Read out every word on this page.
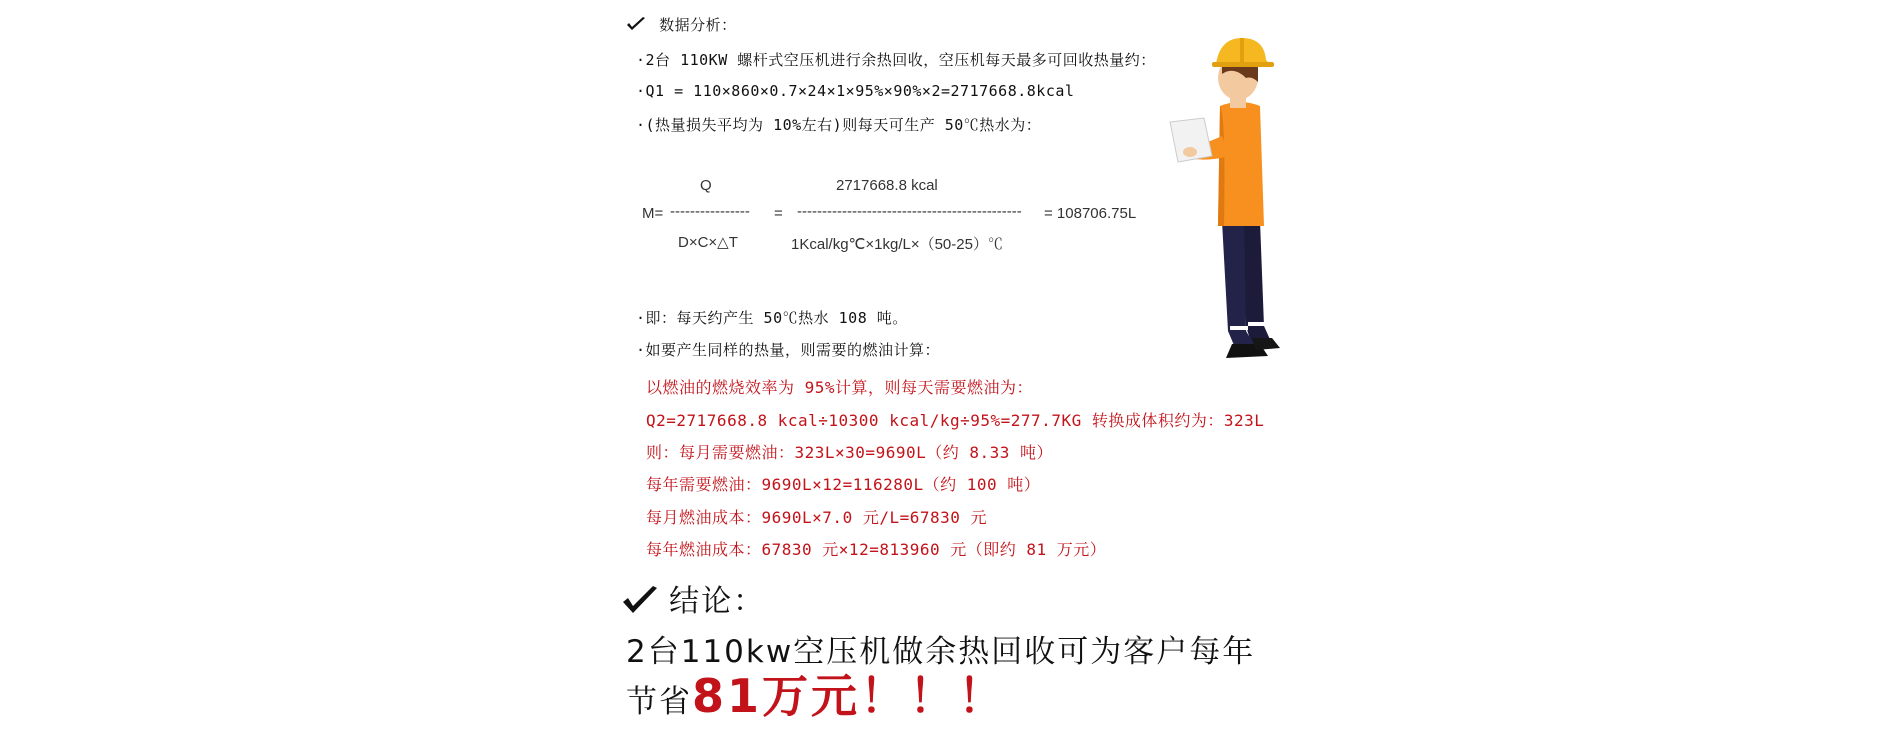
数据分析：
·2台 110KW 螺杆式空压机进行余热回收，空压机每天最多可回收热量约：
·Q1 = 110×860×0.7×24×1×95%×90%×2=2717668.8kcal
·(热量损失平均为 10%左右)则每天可生产 50℃热水为：
Q	2717668.8 kcal
M= ---------------- = --------------------------------------------- = 108706.75L
D×C×△T	1Kcal/kg℃×1kg/L×（50-25）℃
·即：每天约产生 50℃热水 108 吨。
·如要产生同样的热量，则需要的燃油计算：
以燃油的燃烧效率为 95%计算，则每天需要燃油为：
Q2=2717668.8 kcal÷10300 kcal/kg÷95%=277.7KG 转换成体积约为：323L
则：每月需要燃油：323L×30=9690L（约 8.33 吨）
每年需要燃油：9690L×12=116280L（约 100 吨）
每月燃油成本：9690L×7.0 元/L=67830 元
每年燃油成本：67830 元×12=813960 元（即约 81 万元）
结论：
2台110kw空压机做余热回收可为客户每年
节省81万元！！！
